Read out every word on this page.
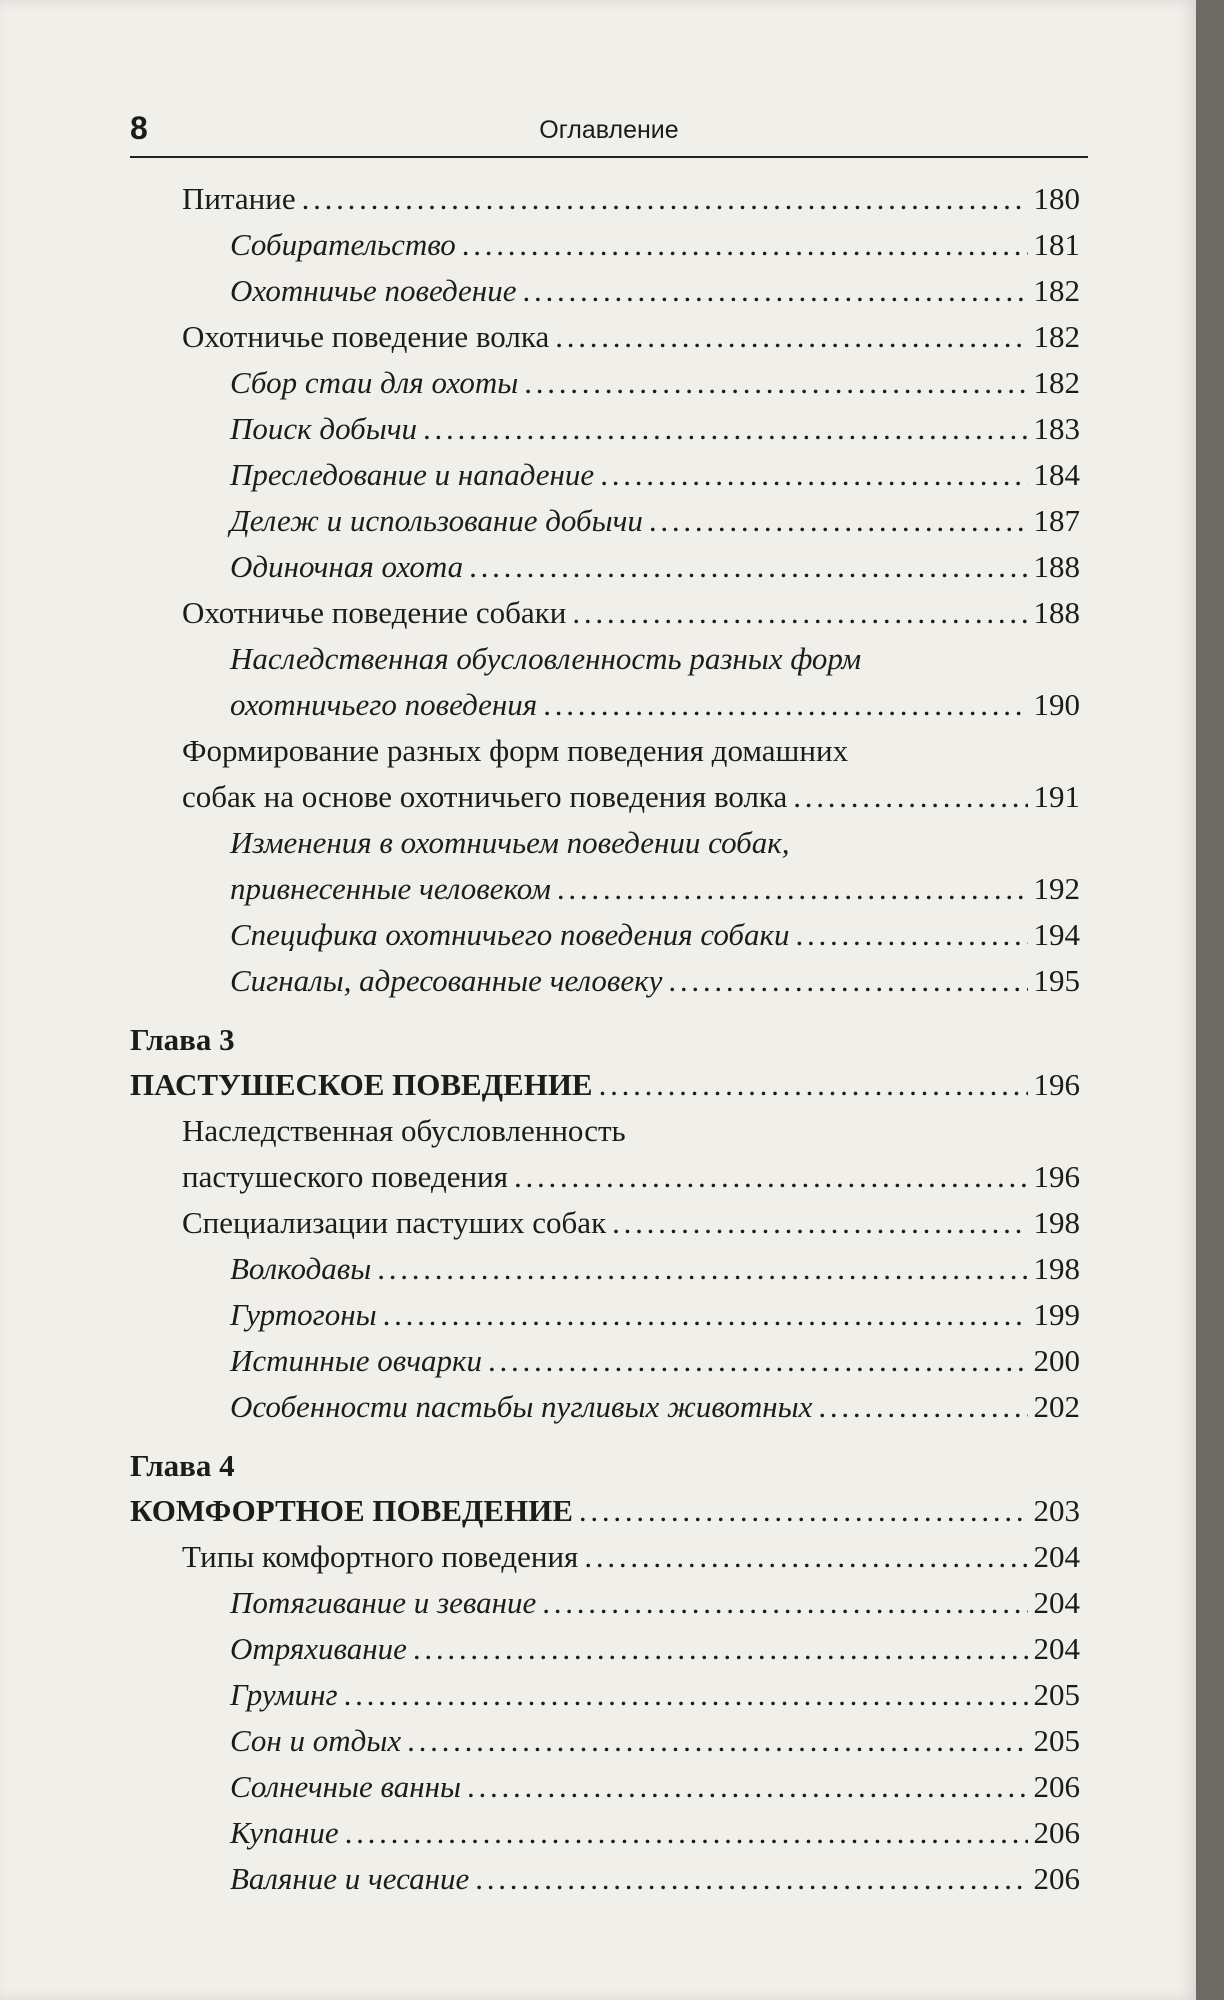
8	Оглавление
Питание . . .	180
Собирательство . . .	181
Охотничье поведение . . .	182
Охотничье поведение волка . . .	182
Сбор стаи для охоты . . .	182
Поиск добычи . . .	183
Преследование и нападение . . .	184
Дележ и использование добычи . . .	187
Одиночная охота . . .	188
Охотничье поведение собаки . . .	188
Наследственная обусловленность разных форм
охотничьего поведения . . .	190
Формирование разных форм поведения домашних
собак на основе охотничьего поведения волка . . .	191
Изменения в охотничьем поведении собак,
привнесенные человеком . . .	192
Специфика охотничьего поведения собаки . . .	194
Сигналы, адресованные человеку . . .	195
Глава 3
ПАСТУШЕСКОЕ ПОВЕДЕНИЕ . . .	196
Наследственная обусловленность
пастушеского поведения . . .	196
Специализации пастуших собак . . .	198
Волкодавы . . .	198
Гуртогоны . . .	199
Истинные овчарки . . .	200
Особенности пастьбы пугливых животных . . .	202
Глава 4
КОМФОРТНОЕ ПОВЕДЕНИЕ . . .	203
Типы комфортного поведения . . .	204
Потягивание и зевание . . .	204
Отряхивание . . .	204
Груминг . . .	205
Сон и отдых . . .	205
Солнечные ванны . . .	206
Купание . . .	206
Валяние и чесание . . .	206
